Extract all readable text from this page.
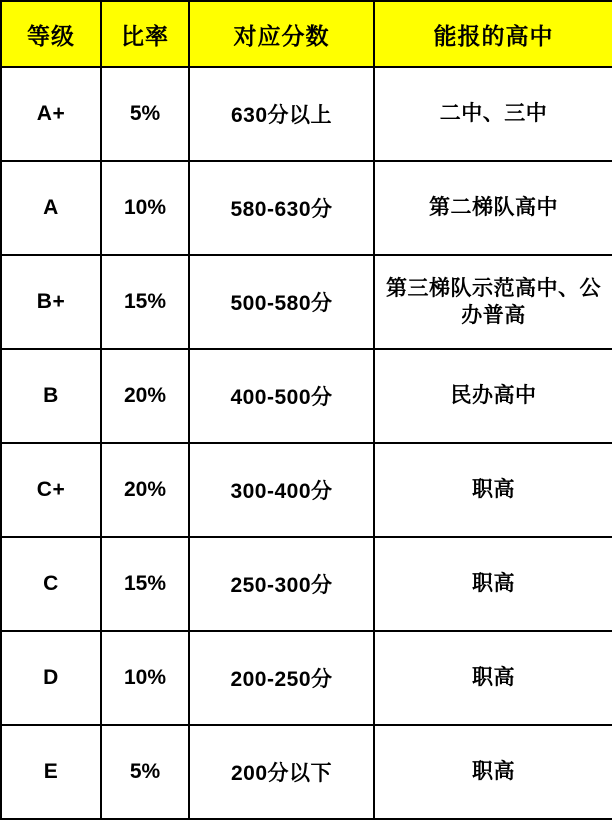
等级	比率	对应分数	能报的高中
A+	5%	630分以上	二中、三中
A	10%	580-630分	第二梯队高中
B+	15%	500-580分	第三梯队示范高中、公办普高
B	20%	400-500分	民办高中
C+	20%	300-400分	职高
C	15%	250-300分	职高
D	10%	200-250分	职高
E	5%	200分以下	职高
